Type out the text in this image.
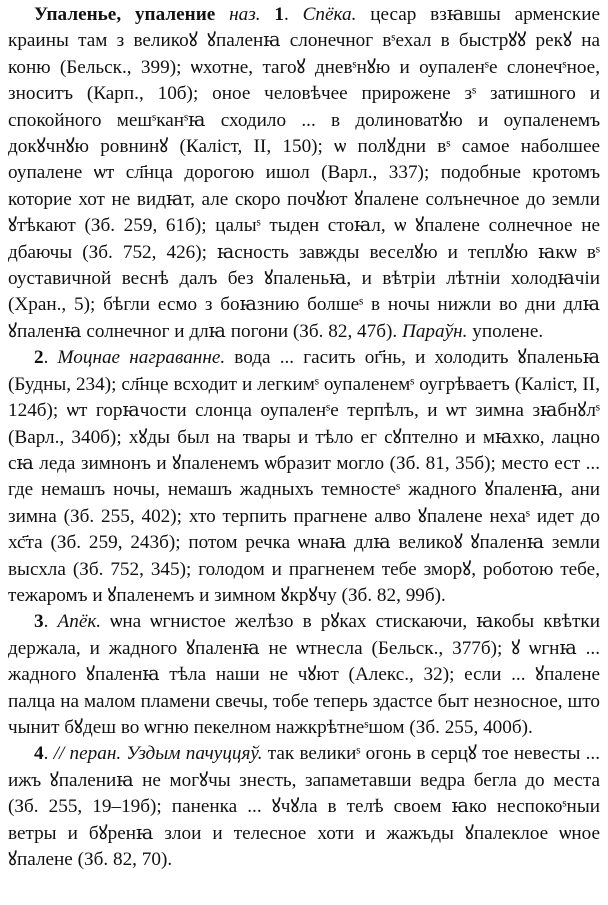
Упаленье, упаление наз. 1. Спëка. цесар взꙗвшы арменские краины там з великоꙋ ꙋпаленꙗ слонечног вˢехал в быстрꙋꙋ рекꙋ на коню (Бельск., 399); ѡхотне, тагоꙋ дневˢнꙋю и оупаленˢе слонечˢное, зноситъ (Карп., 10б); оное человѣчее прирожене зˢ затишного и спокойного мешˢканˢꙗ сходило ... в долиноватꙋю и оупаленемъ докꙋчнꙋю ровнинꙋ (Каліст, II, 150); ѡ полꙋдни вˢ самое наболшее оупалене ѡт сл҃нца дорогою ишол (Варл., 337); подобные кротомъ которие хот не видꙗт, але скоро почꙋют ꙋпалене солънечное до земли ꙋтѣкают (Зб. 259, 61б); цалыˢ тыден стоꙗл, ѡ ꙋпалене солнечное не дбаючы (Зб. 752, 426); ꙗсность завжды веселꙋю и теплꙋю ꙗкѡ вˢ оуставичной веснѣ далъ без ꙋпаленьꙗ, и вѣтріи лѣтніи холодꙗчіи (Хран., 5); бѣгли есмо з боꙗзнию болшеˢ в ночы нижли во дни длꙗ ꙋпаленꙗ солнечног и длꙗ погони (Зб. 82, 47б). Параўн. уполене.

2. Моцнае награванне. вода ... гасить ог҃нь, и холодить ꙋпаленьꙗ (Будны, 234); сл҃нце всходит и легкимˢ оупаленемˢ оугрѣваетъ (Каліст, II, 124б); ѡт горꙗчости слонца оупаленˢе терпѣлъ, и ѡт зимна зꙗбнꙋлˢ (Варл., 340б); хꙋды был на твары и тѣло ег сꙋптелно и мꙗхко, лацно сꙗ леда зимнонъ и ꙋпаленемъ ѡбразит могло (Зб. 81, 35б); место ест ... где немашъ ночы, немашъ жадныхъ темностеˢ жадного ꙋпаленꙗ, ани зимна (Зб. 255, 402); хто терпить прагнене алво ꙋпалене нехаˢ идет до хс҃та (Зб. 259, 243б); потом речка ѡнаꙗ длꙗ великоꙋ ꙋпаленꙗ земли высхла (Зб. 752, 345); голодом и прагненем тебе зморꙋ, роботою тебе, тежаромъ и ꙋпаленемъ и зимном ꙋкрꙋчу (Зб. 82, 99б).

3. Апёк. ѡна ѡгнистое желѣзо в рꙋках стискаючи, ꙗкобы квѣтки держала, и жадного ꙋпаленꙗ не ѡтнесла (Бельск., 377б); ꙋ ѡгнꙗ ... жадного ꙋпаленꙗ тѣла наши не чꙋют (Алекс., 32); если ... ꙋпалене палца на малом пламени свечы, тобе теперь здастсе быт незносное, што чынит бꙋдеш во ѡгню пекелном нажкрѣтнеˢшом (Зб. 255, 400б).

4. // перан. Уздым пачуццяў. так великиˢ огонь в серцꙋ тое невесты ... ижъ ꙋпалениꙗ не могꙋчы знесть, запаметавши ведра бегла до места (Зб. 255, 19–19б); паненка ... ꙋчꙋла в телѣ своем ꙗко неспокоˢныи ветры и бꙋренꙗ злои и телесное хоти и жажъды ꙋпалеклое ѡное ꙋпалене (Зб. 82, 70).
